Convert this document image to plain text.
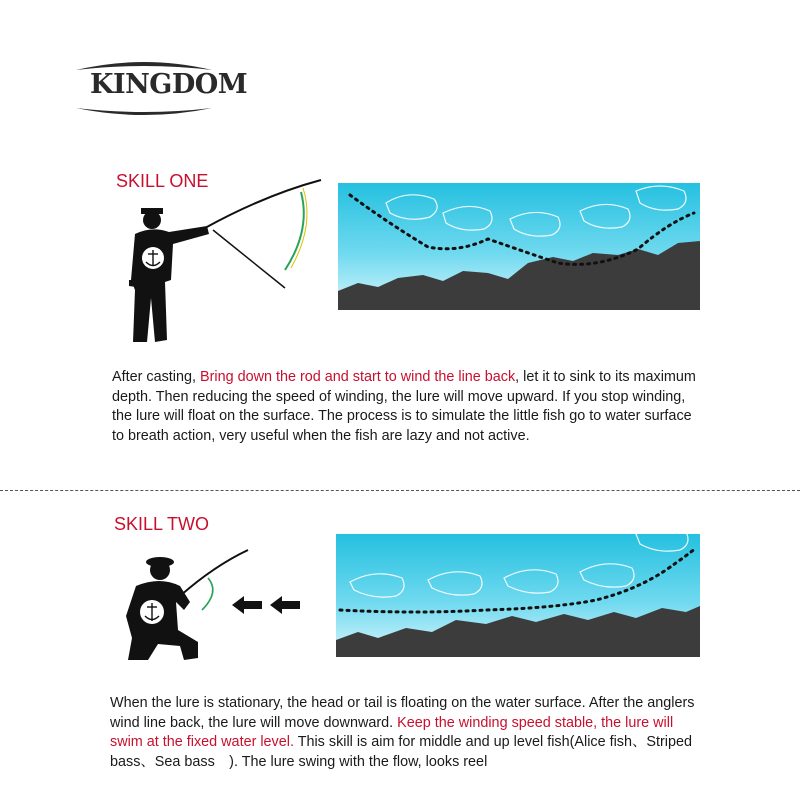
KINGDOM
SKILL ONE
After casting, Bring down the rod and start to wind the line back, let it to sink to its maximum depth. Then reducing the speed of winding, the lure will move upward. If you stop winding, the lure will float on the surface. The process is to simulate the little fish go to water surface to breath action, very useful when the fish are lazy and not active.
SKILL TWO
When the lure is stationary, the head or tail is floating on the water surface. After the anglers wind line back, the lure will move downward. Keep the winding speed stable, the lure will swim at the fixed water level. This skill is aim for middle and up level fish(Alice fish、Striped bass、Sea bass　). The lure swing with the flow, looks reel
